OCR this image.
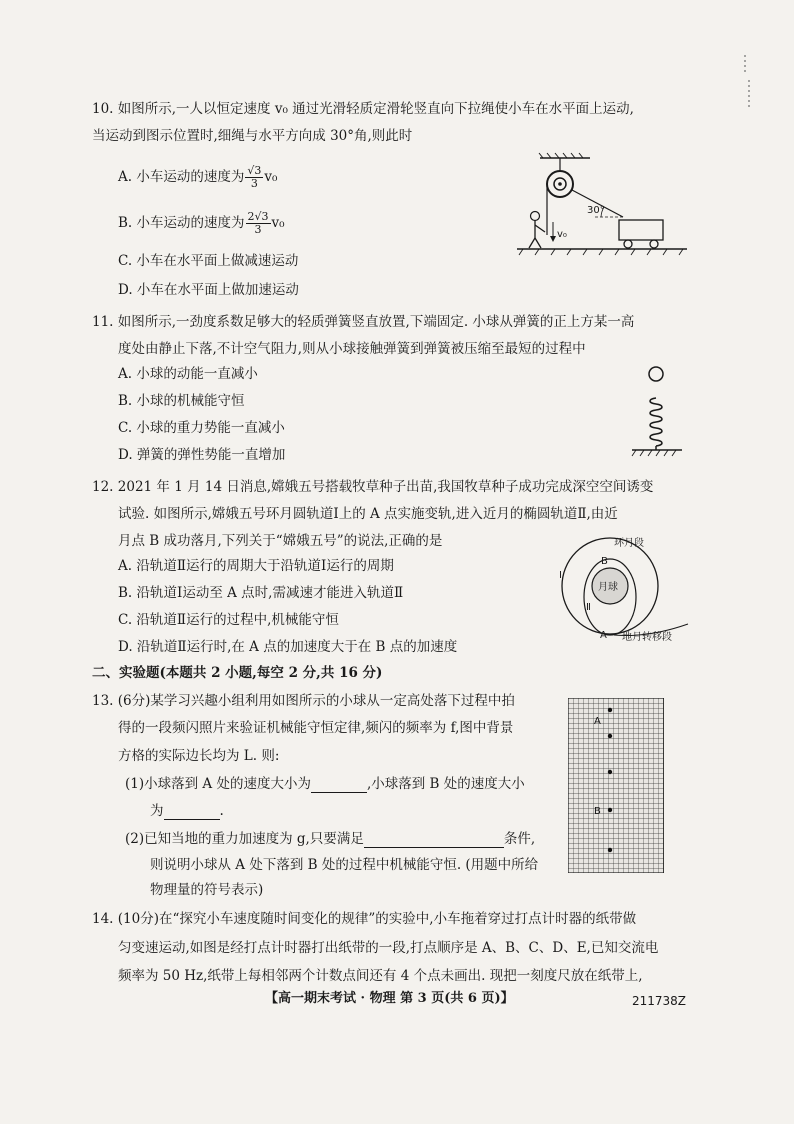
10. 如图所示,一人以恒定速度 v₀ 通过光滑轻质定滑轮竖直向下拉绳使小车在水平面上运动,
当运动到图示位置时,细绳与水平方向成 30°角,则此时
A. 小车运动的速度为 $\frac{√3}{3} v_0$
B. 小车运动的速度为 $\frac{2√3}{3} v_0$
C. 小车在水平面上做减速运动
D. 小车在水平面上做加速运动
30°
v₀
11. 如图所示,一劲度系数足够大的轻质弹簧竖直放置,下端固定. 小球从弹簧的正上方某一高
度处由静止下落,不计空气阻力,则从小球接触弹簧到弹簧被压缩至最短的过程中
A. 小球的动能一直减小
B. 小球的机械能守恒
C. 小球的重力势能一直减小
D. 弹簧的弹性势能一直增加
12. 2021 年 1 月 14 日消息,嫦娥五号搭载牧草种子出苗,我国牧草种子成功完成深空空间诱变
试验. 如图所示,嫦娥五号环月圆轨道Ⅰ上的 A 点实施变轨,进入近月的椭圆轨道Ⅱ,由近
月点 B 成功落月,下列关于“嫦娥五号”的说法,正确的是
A. 沿轨道Ⅱ运行的周期大于沿轨道Ⅰ运行的周期
B. 沿轨道Ⅰ运动至 A 点时,需减速才能进入轨道Ⅱ
C. 沿轨道Ⅱ运行的过程中,机械能守恒
D. 沿轨道Ⅱ运行时,在 A 点的加速度大于在 B 点的加速度
月球
Ⅰ
Ⅱ
B
A
环月段
地月转移段
二、实验题(本题共 2 小题,每空 2 分,共 16 分)
13. (6分)某学习兴趣小组利用如图所示的小球从一定高处落下过程中拍
得的一段频闪照片来验证机械能守恒定律,频闪的频率为 f,图中背景
方格的实际边长均为 L. 则:
(1)小球落到 A 处的速度大小为	,小球落到 B 处的速度大小
为	.
(2)已知当地的重力加速度为 g,只要满足	条件,
则说明小球从 A 处下落到 B 处的过程中机械能守恒. (用题中所给
物理量的符号表示)
A
B
14. (10分)在“探究小车速度随时间变化的规律”的实验中,小车拖着穿过打点计时器的纸带做
匀变速运动,如图是经打点计时器打出纸带的一段,打点顺序是 A、B、C、D、E,已知交流电
频率为 50 Hz,纸带上每相邻两个计数点间还有 4 个点未画出. 现把一刻度尺放在纸带上,
【高一期末考试 · 物理 第 3 页(共 6 页)】	211738Z
